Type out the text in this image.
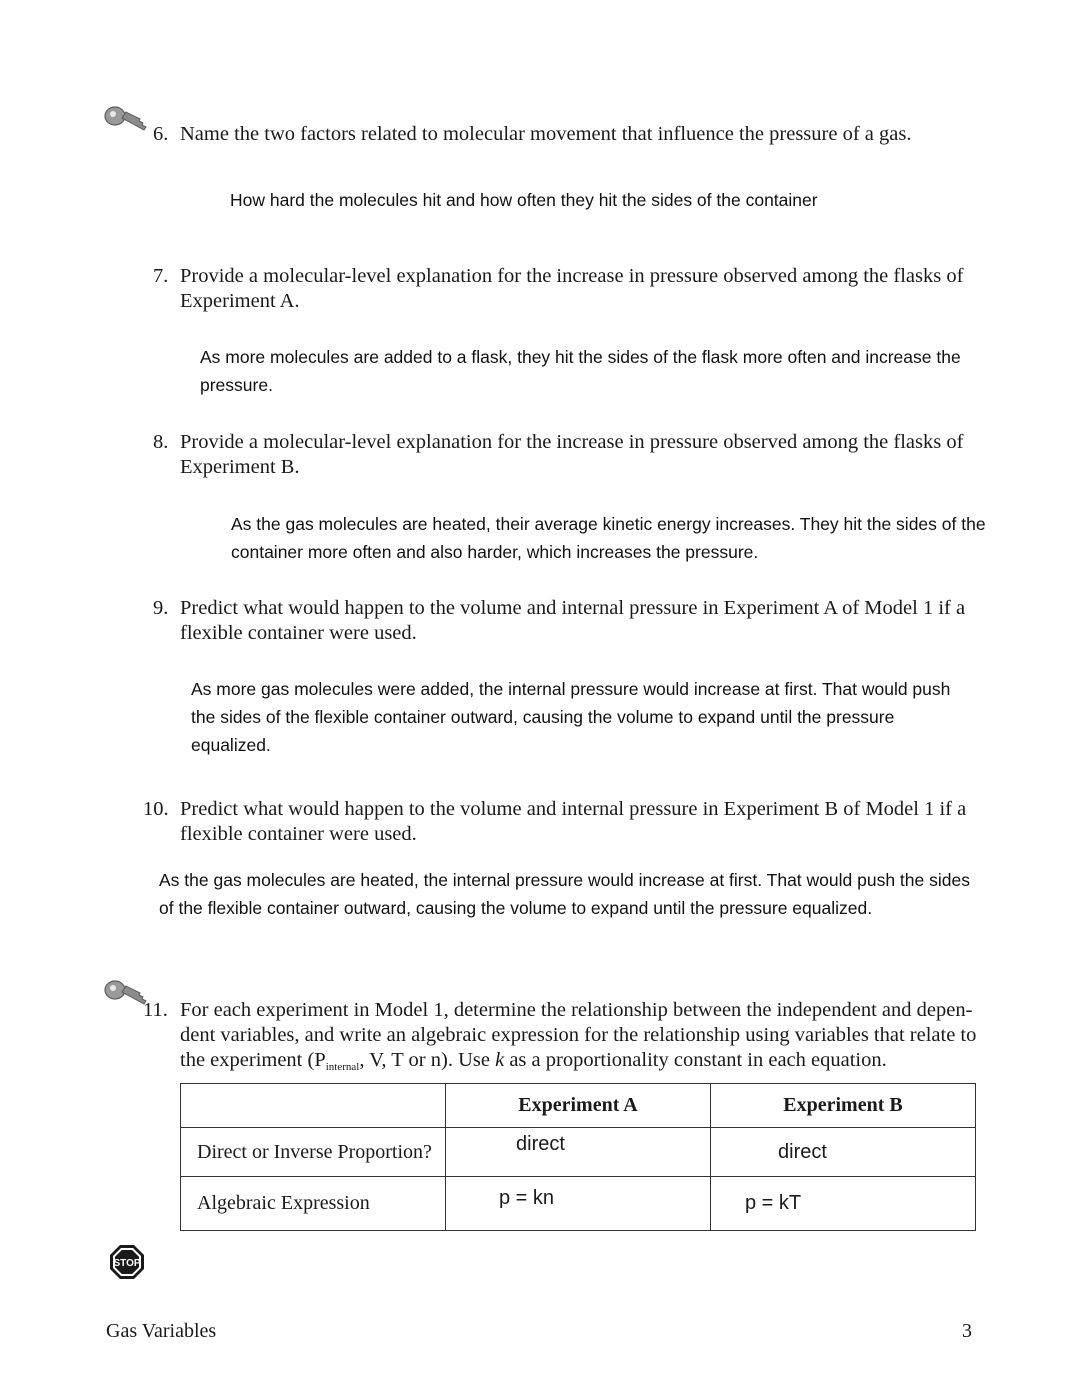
6. Name the two factors related to molecular movement that influence the pressure of a gas.
How hard the molecules hit and how often they hit the sides of the container
7. Provide a molecular-level explanation for the increase in pressure observed among the flasks of
Experiment A.
As more molecules are added to a flask, they hit the sides of the flask more often and increase the
pressure.
8. Provide a molecular-level explanation for the increase in pressure observed among the flasks of
Experiment B.
As the gas molecules are heated, their average kinetic energy increases. They hit the sides of the
container more often and also harder, which increases the pressure.
9. Predict what would happen to the volume and internal pressure in Experiment A of Model 1 if a
flexible container were used.
As more gas molecules were added, the internal pressure would increase at first. That would push
the sides of the flexible container outward, causing the volume to expand until the pressure
equalized.
10. Predict what would happen to the volume and internal pressure in Experiment B of Model 1 if a
flexible container were used.
As the gas molecules are heated, the internal pressure would increase at first. That would push the sides
of the flexible container outward, causing the volume to expand until the pressure equalized.
11. For each experiment in Model 1, determine the relationship between the independent and depen-
dent variables, and write an algebraic expression for the relationship using variables that relate to
the experiment ($P_{internal}$, V, T or n). Use k as a proportionality constant in each equation.
	Experiment A	Experiment B
Direct or Inverse Proportion?	direct	direct
Algebraic Expression	p = kn	p = kT
STOP
Gas Variables	3
